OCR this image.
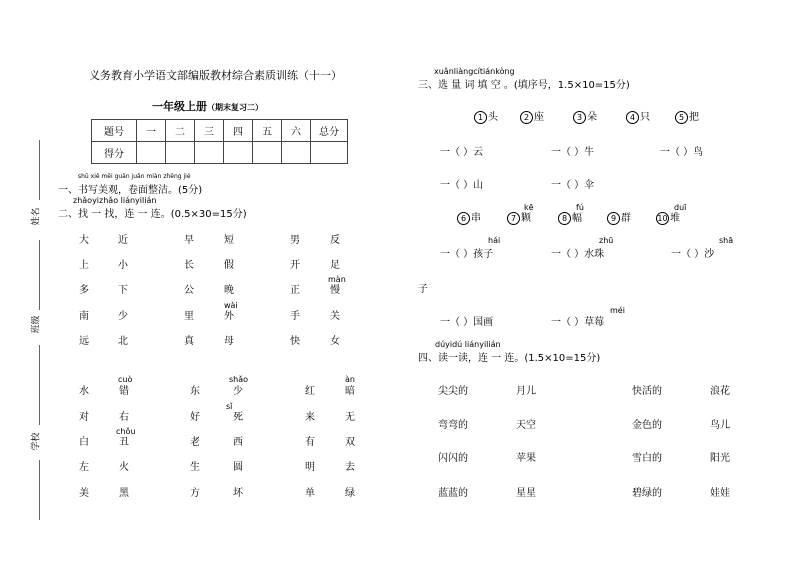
姓名
班级
学校
义务教育小学语文部编版教材综合素质训练（十一）
一年级上册（期末复习二）
题号	一	二	三	四	五	六	总分
得分							
shū xiě měi guān juǎn miàn zhěng jié
一、书写美观，卷面整洁。(5分)
zhǎoyizhǎo liányilián
二、找 一 找，连 一 连。(0.5×30=15分)
大	近	早	短	男	反
上	小	长	假	开	足
多	下	公	晚	正	慢
南	少	里	外	手	关
远	北	真	母	快	女
màn
wài
水	错	东	少	红	暗
对	右	好	死	来	无
白	丑	老	西	有	双
左	火	生	圆	明	去
美	黑	方	坏	单	绿
cuò	shǎo	àn
sǐ
chǒu
xuǎnliàngcítiánkòng
三、选 量 词 填 空 。(填序号，1.5×10=15分)
1 头	2 座	3 朵	4 只	5 把
一（ ）云	一（ ）牛	一（ ）鸟
一（ ）山	一（ ）伞
6 串	7 颗	8 幅	9 群	10 堆
kē	fú	duī
一（ ）孩子
hái
一（ ）水珠
zhū
一（ ）沙
shā
子
一（ ）国画	一（ ）草莓
méi
dúyidú liányilián
四、读一读，连 一 连。(1.5×10=15分)
尖尖的	月儿	快活的	浪花
弯弯的	天空	金色的	鸟儿
闪闪的	苹果	雪白的	阳光
蓝蓝的	星星	碧绿的	娃娃
